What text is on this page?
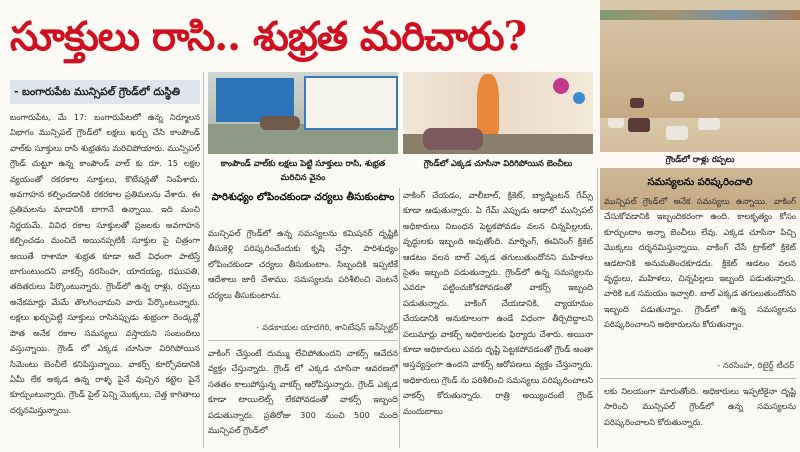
సూక్తులు రాసి.. శుభ్రత మరిచారు?
గ్రౌండ్‌లో రాళ్లు రప్పలు
- బంగారుపేట మున్సిపల్ గ్రౌండ్‌లో దుస్థితి

బంగారుపేట, మే 17: బంగారుపేటలో ఉన్న నిర్మూలన విభాగం మున్సిపల్ గ్రౌండ్‌లో లక్షలు ఖర్చు చేసి కాంపౌండ్ వాల్‌కు సూక్తులు రాసి శుభ్రతను మరిచిపోయారు. మున్సిపల్ గ్రౌండ్ చుట్టూ ఉన్న కాంపౌండ్ వాల్ కు రూ. 15 లక్షల వ్యయంతో రకరకాల సూక్తులు, కొటేషన్లతో నింపేశారు. అవగాహన కల్పించడానికి రకరకాల ప్రతిమలను వేశారు. ఈ ప్రతిమలను మాడానికి బాగానే ఉన్నాయి. ఇది మంచి నిర్ణయమే. వివిధ రకాల సూక్తులతో ప్రజలకు అవగాహన కల్పించడం మంచిదే అయినప్పటికీ సూక్తుల పై చిత్రంగా అయితే రాశామా శుభ్రత కూడా అదే విధంగా పాటిస్తే బాగుంటుందని వాకర్స్ నరసింహ, యాదయ్య, రఘుపతి, తదితరులు పేర్కొంటున్నారు. గ్రౌండ్‌లో ఉన్న రాళ్లు, రప్పలు అనేకమార్లు మేమే తొలగించామని వారు పేర్కొంటున్నారు. లక్షలు ఖర్చుపెట్టి సూక్తులు రాసినప్పుడు శుభ్రంగా రెండ్కవ్లో పొత అనేక రకాల సమస్యలు వస్తాయని సంబందిలు వస్తున్నాయి. గ్రౌండ్ లో ఎక్కడ చూసినా విరిగిపోయిన సిమెంటు బెంచీలే కనిపిస్తున్నాయి. వాకర్స్ కూర్చోవడానికి ఏమీ లేక అక్కడ ఉన్న రాళ్ళ పైనే వుచ్చిన కట్టెల పైనే కూర్చుంటున్నారు. గ్రౌండ్ పైల్ పెన్ని మొక్కలు, చెత్త కాగితాలు దర్శనమిస్తున్నాయి.

కాంపౌండ్ వాల్‌కు లక్షలు పెట్టి సూక్తులు రాసి, శుభ్రత మరిచిన వైనం
గ్రౌండ్‌లో ఎక్కడ చూసినా విరిగిపోయిన బెంచీలు
పారిశుధ్యం లోపించకుండా చర్యలు తీసుకుంటాం
మున్సిపల్ గ్రౌండ్‌లో ఉన్న సమస్యలను కమిషనర్ దృష్టికి తీసుకెళ్లి పరిష్కరించేందుకు కృషి చేస్తా. పారిశుధ్యం లోపించకుండా చర్యలు తీసుకుంటాం. సిబ్బందికి ఇప్పటికే ఆదేశాలు జారీ చేశాము. సమస్యలను పరిశీలించి వెంటనే చర్యలు తీసుకుంటాను.
- వడకాయల యాదగిరి, శానిటేషన్ ఇన్‌స్పెక్టర్
వాకింగ్ చేస్తుంటే దుమ్ము లేచిపోతుందని వాకర్స్ ఆవేదన వ్యక్తం చేస్తున్నారు. గ్రౌండ్ లో ఎక్కడ చూసినా ఆవరణలో సతతం కాలుపోస్తున్న వాకర్స్ ఆరోపిస్తున్నారు. గ్రౌండ్ ఎక్కడ కూడా టాయిలెట్స్ లేకపోవడంతో వాకర్స్ ఇబ్బంది పడుతున్నారు. ప్రతిరోజు 300 నుంచి 500 మంది మున్సిపల్ గ్రౌండ్‌లో
వాకింగ్ చేయడం, వాలీబాల్, క్రికెట్, బ్యాడ్మింటన్ గేమ్స్ కూడా ఆడుతున్నారు. ఏ గేమ్ ఎప్పుడు ఆడాలో మున్సిపల్ అధికారులు నిబంధన పెట్టకపోవడం వలన చిన్నపిల్లలకు, వృద్ధులకు ఇబ్బంది అవుతోంది. మార్నింగ్, ఈవినింగ్ క్రికెట్ ఆడటం వలన బాల్ ఎక్కడ తగులుతుందోనని మహిళలు సైతం ఇబ్బంది పడుతున్నారు. గ్రౌండ్‌లో ఉన్న సమస్యలను ఎవరూ పట్టించుకోకపోవడంతో వాకర్స్ ఇబ్బంది పడుతున్నారు. వాకింగ్ చేయడానికి, వ్యాయామం చేయడానికి అనుకూలంగా ఉండే విధంగా తీర్చిదిద్దాలని పలుమార్లు వాకర్స్ అధికారులకు ఫిర్యాదు చేశారు. అయినా కూడా అధికారులు ఎవరు దృష్టి పెట్టకపోవడంతో గ్రౌండ్ అంతా అస్తవ్యస్తంగా ఉందని వాకర్స్ ఆరోపణలు వ్యక్తం చేస్తున్నారు. అధికారులు గ్రౌండ్ ను పరిశీలించి సమస్యలు పరిష్కరించాలని వాకర్స్ కోరుతున్నారు. రాత్రి అయ్యిందంటే గ్రౌండ్ మందుబాబు
సమస్యలను పరిష్కరించాలి
మున్సిపల్ గ్రౌండ్‌లో అనేక సమస్యలు ఉన్నాయి. వాకింగ్ చేసుకోవడానికి ఇబ్బందికరంగా ఉంది. కాలకృత్యం కోసం కూర్చుందాం అన్నా బెంచీలు లేవు. ఎక్కడ చూసినా పిచ్చి మొక్కలు దర్శనమిస్తున్నాయి. వాకింగ్ చేసే ట్రాక్‌లో క్రికెట్ ఆడటానికి అనుమతించకూడదు. క్రికెట్ ఆడటం వలన వృద్ధులు, మహిళలు, చిన్నపిల్లలు ఇబ్బంది పడుతున్నారు. వారికి ఒక సమయం ఇవ్వాలి. బాల్ ఎక్కడ తగులుతుందోనని ఇబ్బంది పడుతున్నాం. గ్రౌండ్‌లో ఉన్న సమస్యలను పరిష్కరించాలని అధికారులను కోరుతున్నాం.
- నరసింహ, రిటైర్డ్ టీచర్
లకు నిలయంగా మారుతోంది. అధికారులు ఇప్పటికైనా దృష్టి సారించి మున్సిపల్ గ్రౌండ్‌లో ఉన్న సమస్యలను పరిష్కరించాలని కోరుతున్నారు.
